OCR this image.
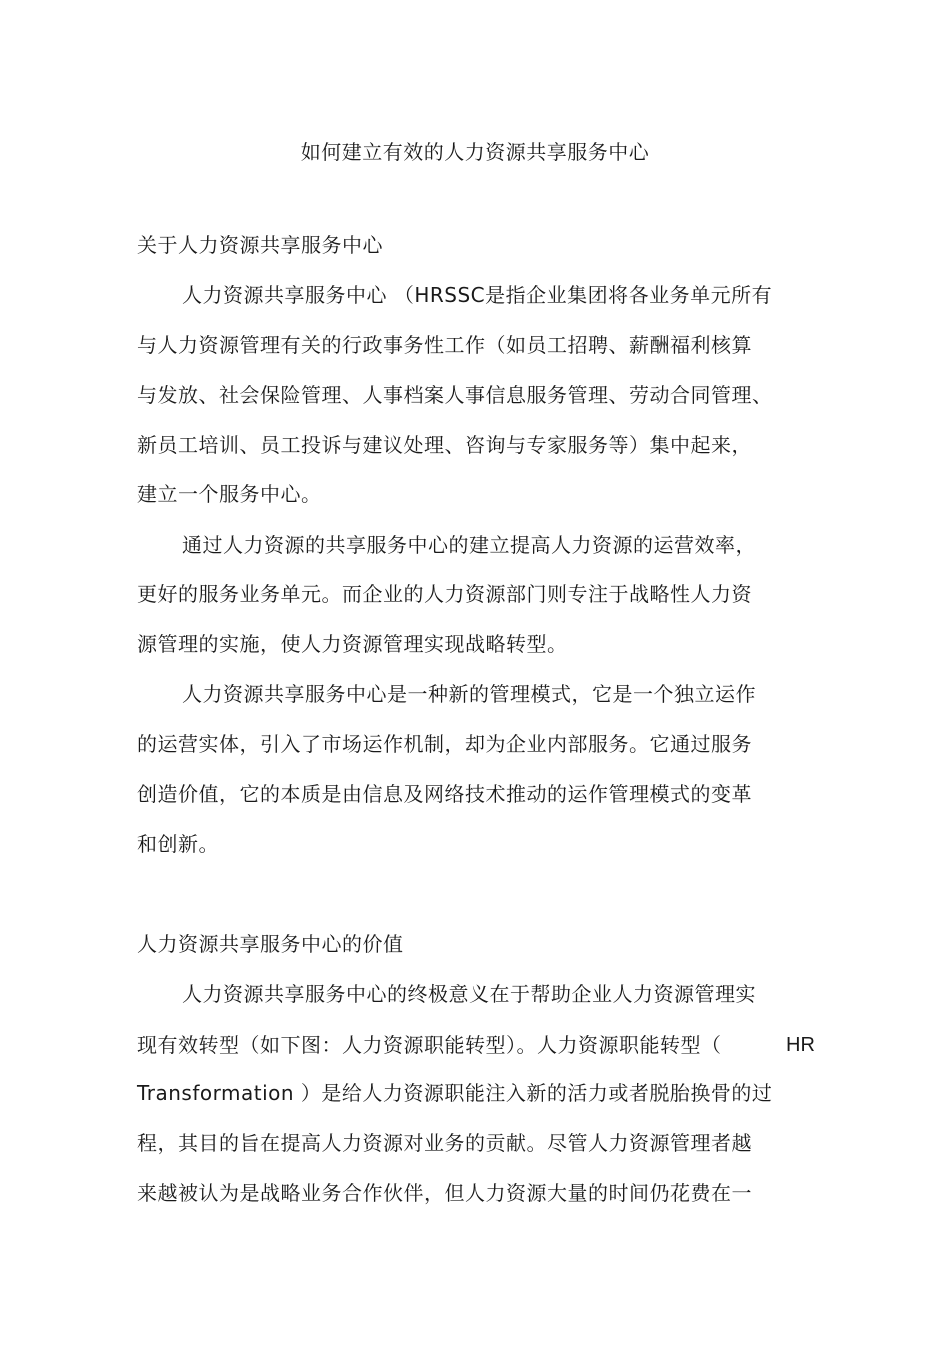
如何建立有效的人力资源共享服务中心
关于人力资源共享服务中心
人力资源共享服务中心 （HRSSC是指企业集团将各业务单元所有
与人力资源管理有关的行政事务性工作（如员工招聘、薪酬福利核算
与发放、社会保险管理、人事档案人事信息服务管理、劳动合同管理、
新员工培训、员工投诉与建议处理、咨询与专家服务等）集中起来，
建立一个服务中心。
通过人力资源的共享服务中心的建立提高人力资源的运营效率，
更好的服务业务单元。而企业的人力资源部门则专注于战略性人力资
源管理的实施，使人力资源管理实现战略转型。
人力资源共享服务中心是一种新的管理模式，它是一个独立运作
的运营实体，引入了市场运作机制，却为企业内部服务。它通过服务
创造价值，它的本质是由信息及网络技术推动的运作管理模式的变革
和创新。
人力资源共享服务中心的价值
人力资源共享服务中心的终极意义在于帮助企业人力资源管理实
现有效转型（如下图：人力资源职能转型）。人力资源职能转型（	HR
Transformation ）是给人力资源职能注入新的活力或者脱胎换骨的过
程，其目的旨在提高人力资源对业务的贡献。尽管人力资源管理者越
来越被认为是战略业务合作伙伴，但人力资源大量的时间仍花费在一
